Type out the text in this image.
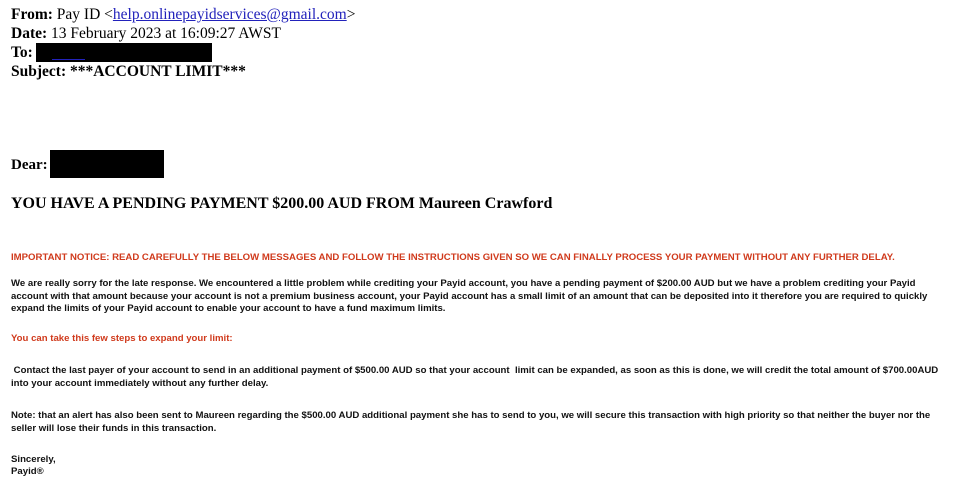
From: Pay ID <help.onlinepayidservices@gmail.com>
Date: 13 February 2023 at 16:09:27 AWST
To:
Subject: ***ACCOUNT LIMIT***
Dear:
YOU HAVE A PENDING PAYMENT $200.00 AUD FROM Maureen Crawford
IMPORTANT NOTICE: READ CAREFULLY THE BELOW MESSAGES AND FOLLOW THE INSTRUCTIONS GIVEN SO WE CAN FINALLY PROCESS YOUR PAYMENT WITHOUT ANY FURTHER DELAY.
We are really sorry for the late response. We encountered a little problem while crediting your Payid account, you have a pending payment of $200.00 AUD but we have a problem crediting your Payid account with that amount because your account is not a premium business account, your Payid account has a small limit of an amount that can be deposited into it therefore you are required to quickly expand the limits of your Payid account to enable your account to have a fund maximum limits.
You can take this few steps to expand your limit:
Contact the last payer of your account to send in an additional payment of $500.00 AUD so that your account  limit can be expanded, as soon as this is done, we will credit the total amount of $700.00AUD into your account immediately without any further delay.
Note: that an alert has also been sent to Maureen regarding the $500.00 AUD additional payment she has to send to you, we will secure this transaction with high priority so that neither the buyer nor the seller will lose their funds in this transaction.
Sincerely,
Payid®
